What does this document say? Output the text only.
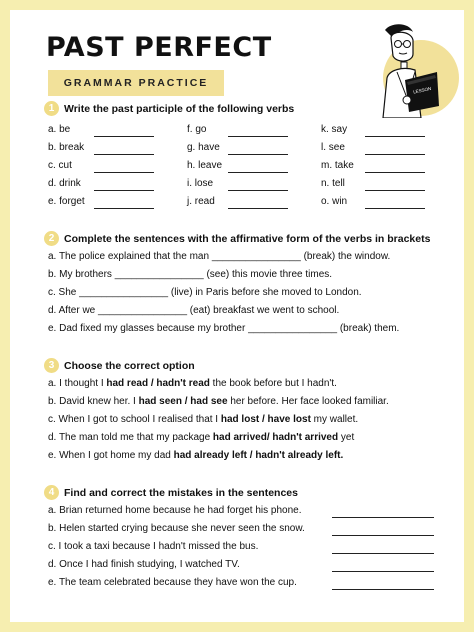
PAST PERFECT
GRAMMAR PRACTICE
LESSON
1 Write the past participle of the following verbs
a. be	f. go	k. say
b. break	g. have	l. see
c. cut	h. leave	m. take
d. drink	i. lose	n. tell
e. forget	j. read	o. win
2 Complete the sentences with the affirmative form of the verbs in brackets
a. The police explained that the man ________________ (break) the window.
b. My brothers ________________ (see) this movie three times.
c. She ________________ (live) in Paris before she moved to London.
d. After we ________________ (eat) breakfast we went to school.
e. Dad fixed my glasses because my brother ________________ (break) them.
3 Choose the correct option
a. I thought I had read / hadn't read the book before but I hadn't.
b. David knew her. I had seen / had see her before. Her face looked familiar.
c. When I got to school I realised that I had lost / have lost my wallet.
d. The man told me that my package had arrived/ hadn't arrived yet
e. When I got home my dad had already left / hadn't already left.
4 Find and correct the mistakes in the sentences
a. Brian returned home because he had forget his phone.
b. Helen started crying because she never seen the snow.
c. I took a taxi because I hadn't missed the bus.
d. Once I had finish studying, I watched TV.
e. The team celebrated because they have won the cup.
